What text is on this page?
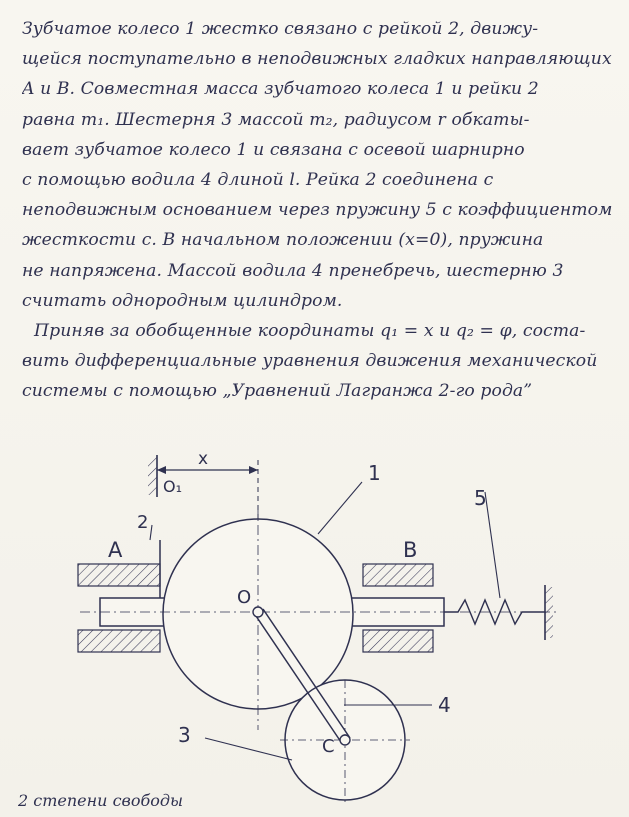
Зубчатое колесо 1 жестко связано с рейкой 2, движу-
щейся поступательно в неподвижных гладких направляющих
A и B. Совместная масса зубчатого колеса 1 и рейки 2
равна m₁. Шестерня 3 массой m₂, радиусом r обкаты-
вает зубчатое колесо 1 и связана с осевой шарнирно
с помощью водила 4 длиной l. Рейка 2 соединена с
неподвижным основанием через пружину 5 с коэффициентом
жесткости c. В начальном положении (x=0), пружина
не напряжена. Массой водила 4 пренебречь, шестерню 3
считать однородным цилиндром.
Приняв за обобщенные координаты q₁ = x и q₂ = φ, состa-
вить дифференциальные уравнения движения механической
системы с помощью „Уравнений Лагранжа 2-го рода”
x
O₁
1
2
3
4
5
A	B
O
C
2 степени свободы
